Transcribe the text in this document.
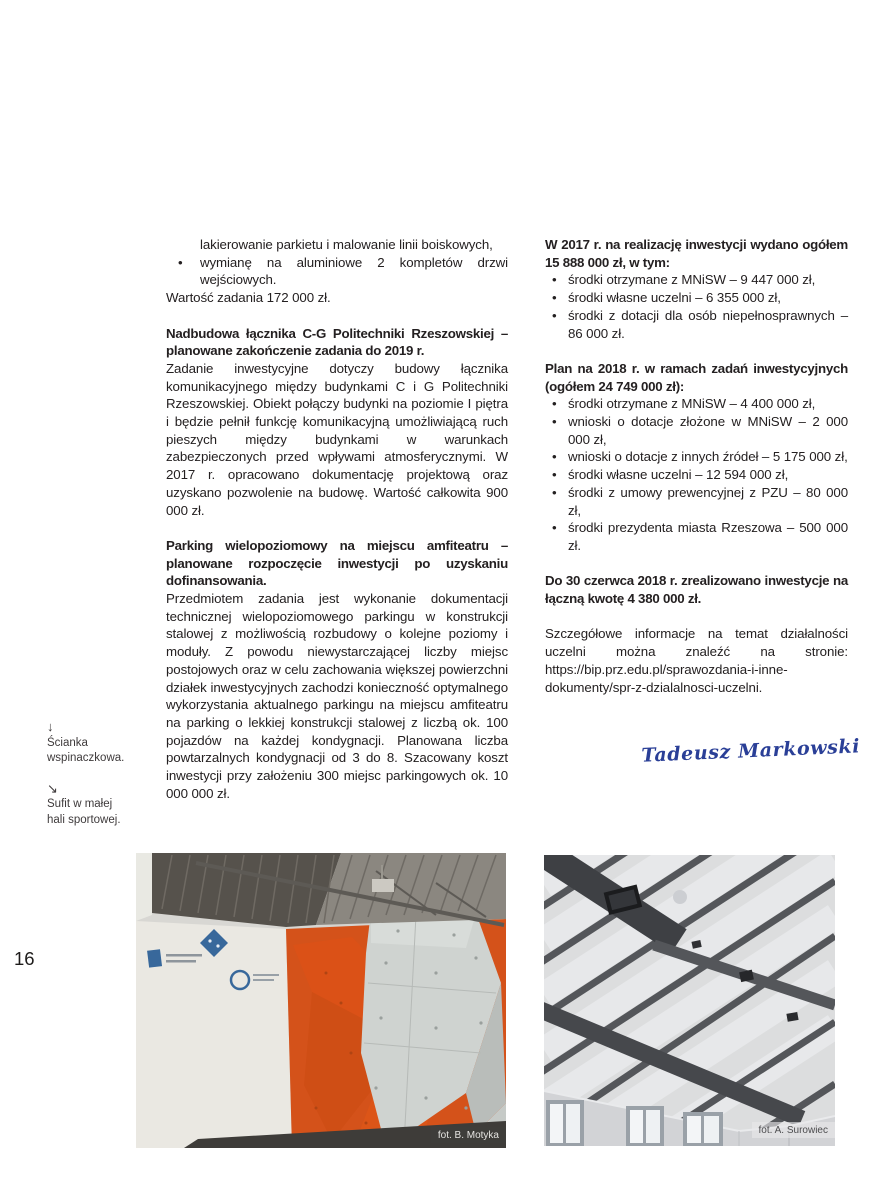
16
↓
Ścianka
wspinaczkowa.
↘
Sufit w małej
hali sportowej.
lakierowanie parkietu i malowanie linii boiskowych,
• wymianę na aluminiowe 2 kompletów drzwi wejściowych.
Wartość zadania 172 000 zł.
Nadbudowa łącznika C-G Politechniki Rzeszowskiej – planowane zakończenie zadania do 2019 r.
Zadanie inwestycyjne dotyczy budowy łącznika komunikacyjnego między budynkami C i G Politechniki Rzeszowskiej. Obiekt połączy budynki na poziomie I piętra i będzie pełnił funkcję komunikacyjną umożliwiającą ruch pieszych między budynkami w warunkach zabezpieczonych przed wpływami atmosferycznymi. W 2017 r. opracowano dokumentację projektową oraz uzyskano pozwolenie na budowę. Wartość całkowita 900 000 zł.
Parking wielopoziomowy na miejscu amfiteatru – planowane rozpoczęcie inwestycji po uzyskaniu dofinansowania.
Przedmiotem zadania jest wykonanie dokumentacji technicznej wielopoziomowego parkingu w konstrukcji stalowej z możliwością rozbudowy o kolejne poziomy i moduły. Z powodu niewystarczającej liczby miejsc postojowych oraz w celu zachowania większej powierzchni działek inwestycyjnych zachodzi konieczność optymalnego wykorzystania aktualnego parkingu na miejscu amfiteatru na parking o lekkiej konstrukcji stalowej z liczbą ok. 100 pojazdów na każdej kondygnacji. Planowana liczba powtarzalnych kondygnacji od 3 do 8. Szacowany koszt inwestycji przy założeniu 300 miejsc parkingowych ok. 10 000 000 zł.
W 2017 r. na realizację inwestycji wydano ogółem 15 888 000 zł, w tym:
• środki otrzymane z MNiSW – 9 447 000 zł,
• środki własne uczelni – 6 355 000 zł,
• środki z dotacji dla osób niepełnosprawnych – 86 000 zł.
Plan na 2018 r. w ramach zadań inwestycyjnych (ogółem 24 749 000 zł):
• środki otrzymane z MNiSW – 4 400 000 zł,
• wnioski o dotacje złożone w MNiSW – 2 000 000 zł,
• wnioski o dotacje z innych źródeł – 5 175 000 zł,
• środki własne uczelni – 12 594 000 zł,
• środki z umowy prewencyjnej z PZU – 80 000 zł,
• środki prezydenta miasta Rzeszowa – 500 000 zł.
Do 30 czerwca 2018 r. zrealizowano inwestycje na łączną kwotę 4 380 000 zł.
Szczegółowe informacje na temat działalności uczelni można znaleźć na stronie: https://bip.prz.edu.pl/sprawozdania-i-inne-dokumenty/spr-z-dzialalnosci-uczelni.
Tadeusz Markowski
fot. B. Motyka	fot. A. Surowiec
